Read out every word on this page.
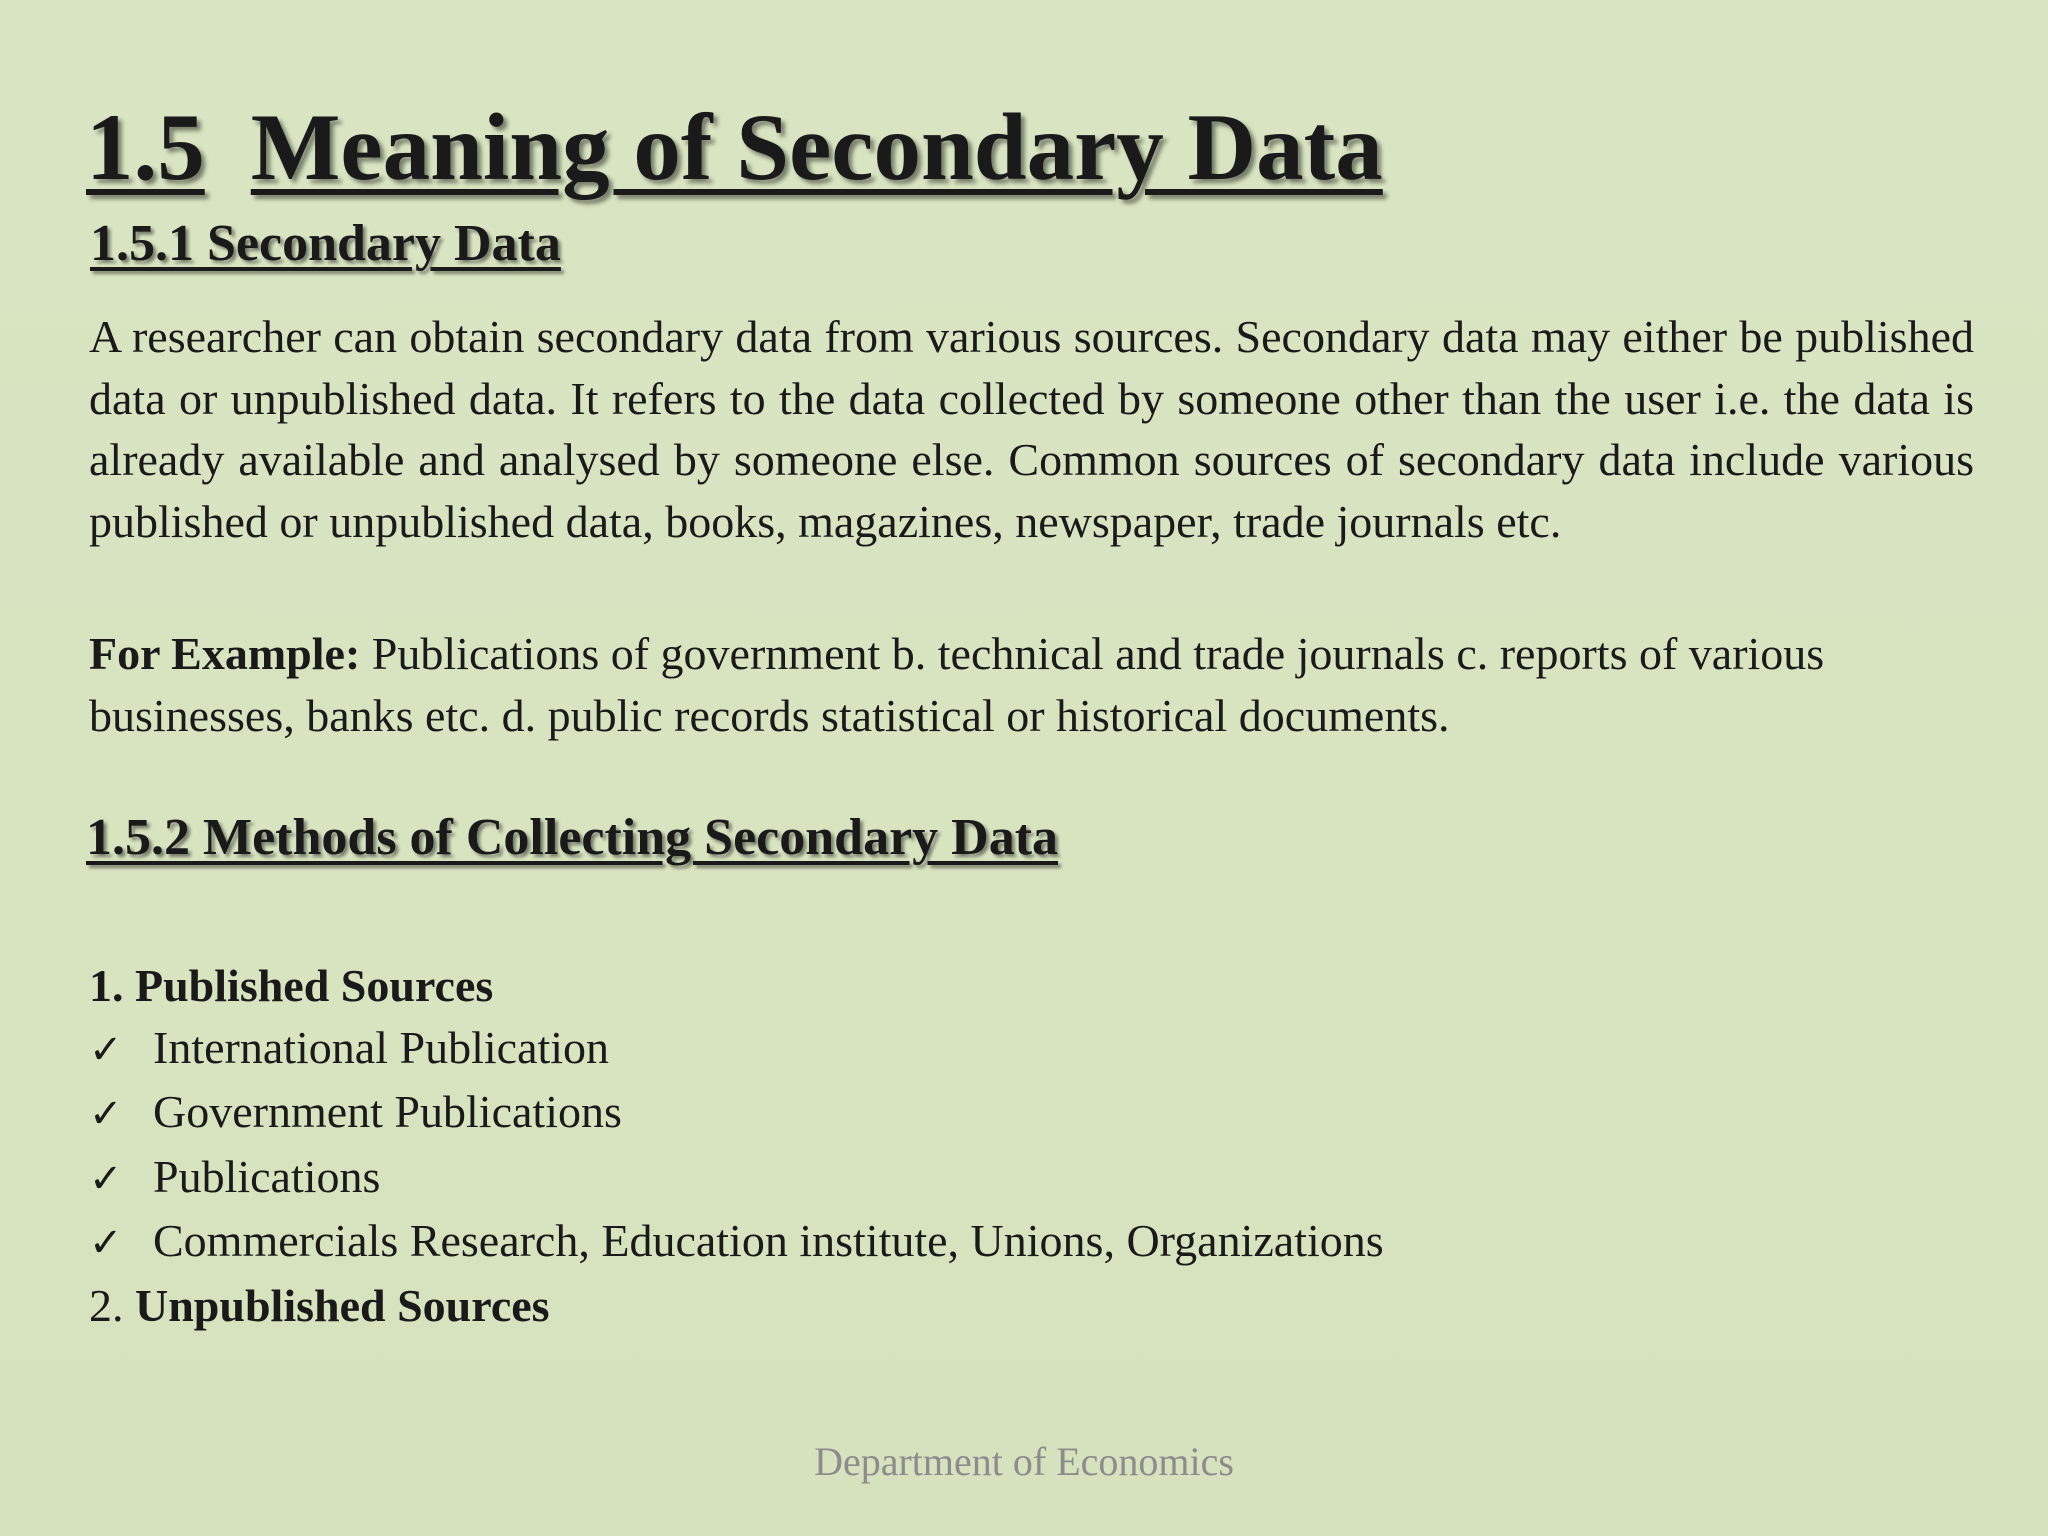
1.5 Meaning of Secondary Data
1.5.1 Secondary Data

A researcher can obtain secondary data from various sources. Secondary data may either be published data or unpublished data. It refers to the data collected by someone other than the user i.e. the data is already available and analysed by someone else. Common sources of secondary data include various published or unpublished data, books, magazines, newspaper, trade journals etc.

For Example: Publications of government b. technical and trade journals c. reports of various businesses, banks etc. d. public records statistical or historical documents.

1.5.2 Methods of Collecting Secondary Data
1. Published Sources
✓ International Publication
✓ Government Publications
✓ Publications
✓ Commercials Research, Education institute, Unions, Organizations
2. Unpublished Sources
Department of Economics
